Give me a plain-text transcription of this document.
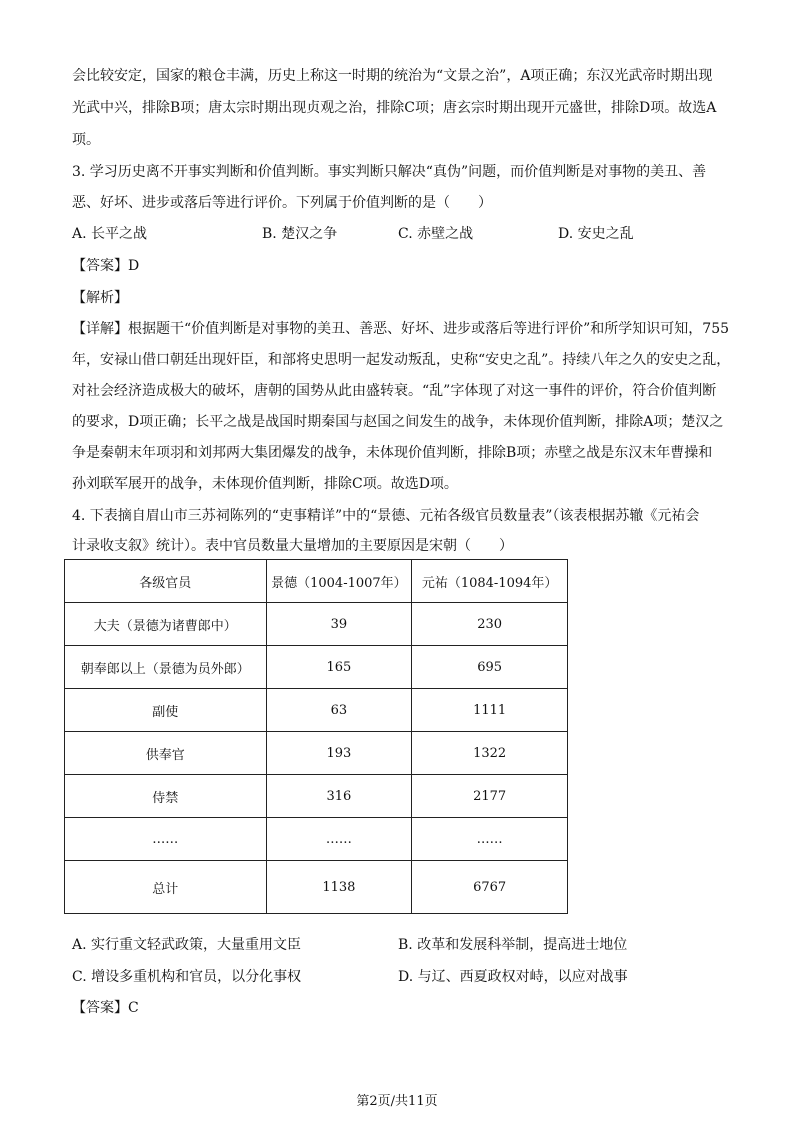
会比较安定，国家的粮仓丰满，历史上称这一时期的统治为“文景之治”，A项正确；东汉光武帝时期出现
光武中兴，排除B项；唐太宗时期出现贞观之治，排除C项；唐玄宗时期出现开元盛世，排除D项。故选A
项。
3. 学习历史离不开事实判断和价值判断。事实判断只解决“真伪”问题，而价值判断是对事物的美丑、善
恶、好坏、进步或落后等进行评价。下列属于价值判断的是（　　）
A. 长平之战	B. 楚汉之争	C. 赤壁之战	D. 安史之乱
【答案】D
【解析】
【详解】根据题干“价值判断是对事物的美丑、善恶、好坏、进步或落后等进行评价”和所学知识可知，755
年，安禄山借口朝廷出现奸臣，和部将史思明一起发动叛乱，史称“安史之乱”。持续八年之久的安史之乱，
对社会经济造成极大的破坏，唐朝的国势从此由盛转衰。“乱”字体现了对这一事件的评价，符合价值判断
的要求，D项正确；长平之战是战国时期秦国与赵国之间发生的战争，未体现价值判断，排除A项；楚汉之
争是秦朝末年项羽和刘邦两大集团爆发的战争，未体现价值判断，排除B项；赤壁之战是东汉末年曹操和
孙刘联军展开的战争，未体现价值判断，排除C项。故选D项。
4. 下表摘自眉山市三苏祠陈列的“吏事精详”中的“景德、元祐各级官员数量表”（该表根据苏辙《元祐会
计录收支叙》统计）。表中官员数量大量增加的主要原因是宋朝（　　）
各级官员	景德（1004-1007年）	元祐（1084-1094年）
大夫（景德为诸曹郎中）	39	230
朝奉郎以上（景德为员外郎）	165	695
副使	63	1111
供奉官	193	1322
侍禁	316	2177
……	……	……
总计	1138	6767
A. 实行重文轻武政策，大量重用文臣	B. 改革和发展科举制，提高进士地位
C. 增设多重机构和官员，以分化事权	D. 与辽、西夏政权对峙，以应对战事
【答案】C
第2页/共11页
